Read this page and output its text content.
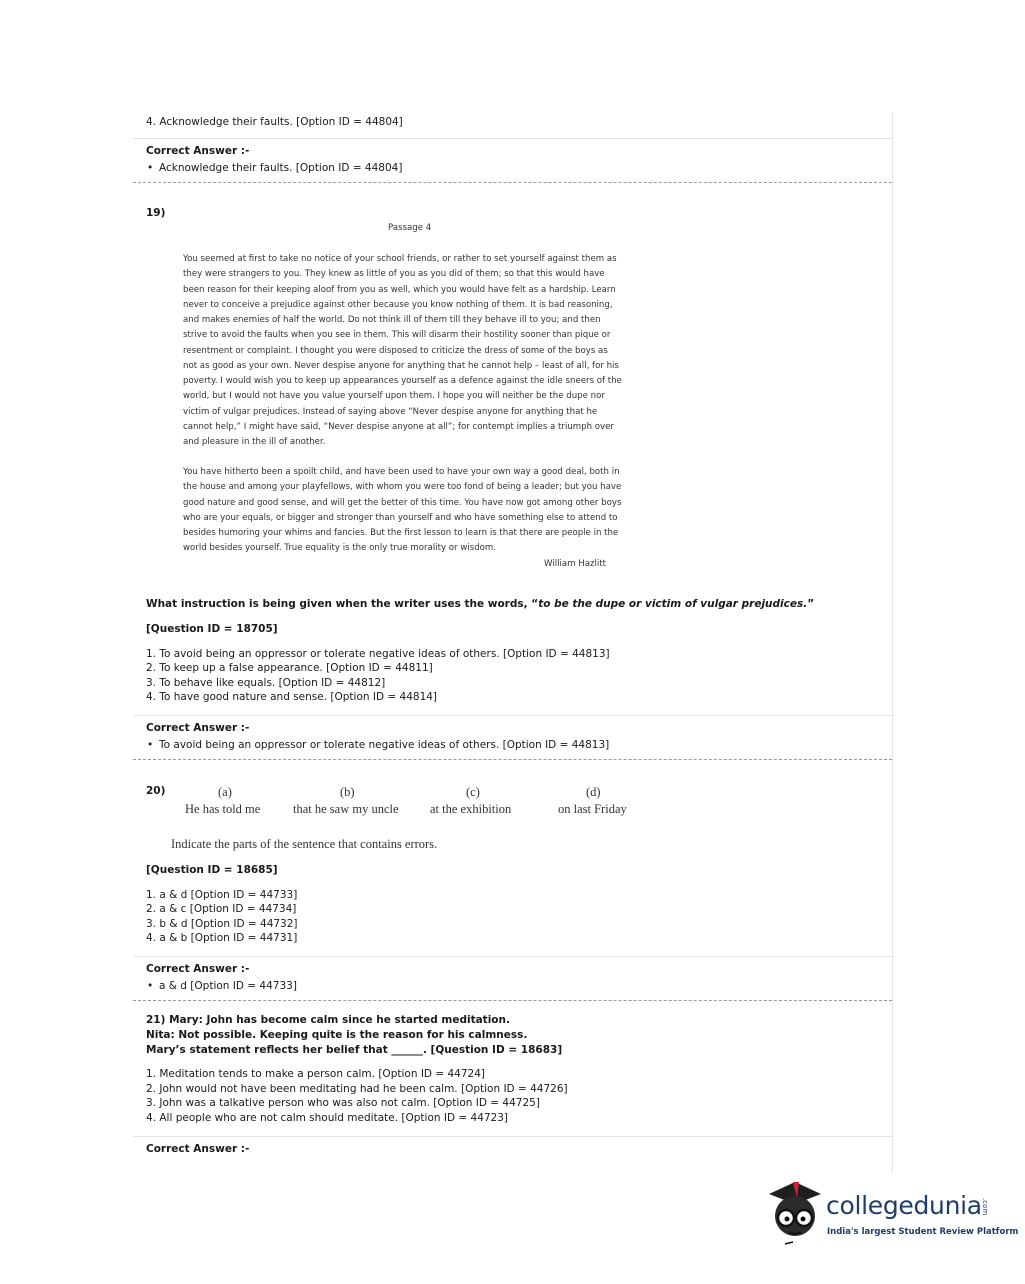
4. Acknowledge their faults. [Option ID = 44804]
Correct Answer :-
• Acknowledge their faults. [Option ID = 44804]
19)
Passage 4

You seemed at first to take no notice of your school friends, or rather to set yourself against them as

they were strangers to you. They knew as little of you as you did of them; so that this would have

been reason for their keeping aloof from you as well, which you would have felt as a hardship. Learn

never to conceive a prejudice against other because you know nothing of them. It is bad reasoning,

and makes enemies of half the world. Do not think ill of them till they behave ill to you; and then

strive to avoid the faults when you see in them. This will disarm their hostility sooner than pique or

resentment or complaint. I thought you were disposed to criticize the dress of some of the boys as

not as good as your own. Never despise anyone for anything that he cannot help – least of all, for his

poverty. I would wish you to keep up appearances yourself as a defence against the idle sneers of the

world, but I would not have you value yourself upon them. I hope you will neither be the dupe nor

victim of vulgar prejudices. Instead of saying above “Never despise anyone for anything that he

cannot help,” I might have said, “Never despise anyone at all”; for contempt implies a triumph over

and pleasure in the ill of another.

You have hitherto been a spoilt child, and have been used to have your own way a good deal, both in

the house and among your playfellows, with whom you were too fond of being a leader; but you have

good nature and good sense, and will get the better of this time. You have now got among other boys

who are your equals, or bigger and stronger than yourself and who have something else to attend to

besides humoring your whims and fancies. But the first lesson to learn is that there are people in the

world besides yourself. True equality is the only true morality or wisdom.

William Hazlitt
What instruction is being given when the writer uses the words, “to be the dupe or victim of vulgar prejudices.”
[Question ID = 18705]
1. To avoid being an oppressor or tolerate negative ideas of others. [Option ID = 44813]
2. To keep up a false appearance. [Option ID = 44811]
3. To behave like equals. [Option ID = 44812]
4. To have good nature and sense. [Option ID = 44814]
Correct Answer :-
• To avoid being an oppressor or tolerate negative ideas of others. [Option ID = 44813]
20)	(a)
He has told me
(b)
that he saw my uncle
(c)
at the exhibition
(d)
on last Friday
Indicate the parts of the sentence that contains errors.
[Question ID = 18685]
1. a & d [Option ID = 44733]
2. a & c [Option ID = 44734]
3. b & d [Option ID = 44732]
4. a & b [Option ID = 44731]
Correct Answer :-
• a & d [Option ID = 44733]
21) Mary: John has become calm since he started meditation.
Nita: Not possible. Keeping quite is the reason for his calmness.
Mary’s statement reflects her belief that ______. [Question ID = 18683]
1. Meditation tends to make a person calm. [Option ID = 44724]
2. John would not have been meditating had he been calm. [Option ID = 44726]
3. John was a talkative person who was also not calm. [Option ID = 44725]
4. All people who are not calm should meditate. [Option ID = 44723]
Correct Answer :-
collegedunia .com
India's largest Student Review Platform
